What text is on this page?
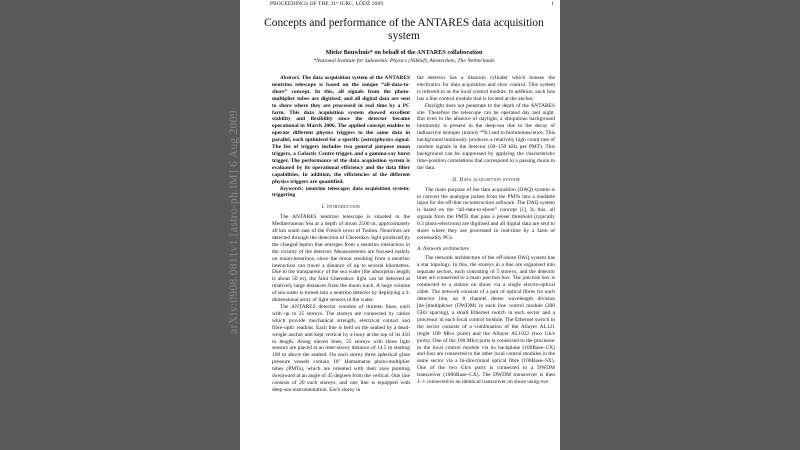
arXiv:0908.0811v1 [astro-ph.IM] 6 Aug 2009
PROCEEDINGS OF THE 31ˢᵗ ICRC, ŁÓDŹ 2009	1
Concepts and performance of the ANTARES data acquisition system
Mieke Bouwhuis* on behalf of the ANTARES collaboration
*National Institute for Subatomic Physics (Nikhef), Amsterdam, The Netherlands

Abstract. The data acquisition system of the ANTARES neutrino telescope is based on the unique “all-data-to-shore” concept. In this, all signals from the photo-multiplier tubes are digitised, and all digital data are sent to shore where they are processed in real time by a PC farm. This data acquisition system showed excellent stability and flexibility since the detector became operational in March 2006. The applied concept enables to operate different physics triggers to the same data in parallel, each optimised for a specific (astro)physics signal. The list of triggers includes two general purpose muon triggers, a Galactic Centre trigger, and a gamma-ray burst trigger. The performance of the data acquisition system is evaluated by its operational efficiency and the data filter capabilities. In addition, the efficiencies of the different physics triggers are quantified.

Keywords: neutrino telescope; data acquisition system; triggering

I. Introduction

The ANTARES neutrino telescope is situated in the Mediterranean Sea at a depth of about 2500 m, approximately 40 km south east of the French town of Toulon. Neutrinos are detected through the detection of Cherenkov light produced by the charged lepton that emerges from a neutrino interaction in the vicinity of the detector. Measurements are focused mainly on muon-neutrinos, since the muon resulting from a neutrino interaction can travel a distance of up to several kilometres. Due to the transparency of the sea water (the absorption length is about 50 m), the faint Cherenkov light can be detected at relatively large distances from the muon track. A large volume of sea water is turned into a neutrino detector by deploying a 3-dimensional array of light sensors in the water.

The ANTARES detector consists of thirteen lines, each with up to 25 storeys. The storeys are connected by cables which provide mechanical strength, electrical contact and fibre-optic readout. Each line is held on the seabed by a dead-weight anchor and kept vertical by a buoy at the top of its 450 m length. Along eleven lines, 25 storeys with three light sensors are placed at an inter-storey distance of 14.5 m starting 100 m above the seabed. On each storey three spherical glass pressure vessels contain 10″ Hamamatsu photo-multiplier tubes (PMTs), which are oriented with their axes pointing downward at an angle of 45 degrees from the vertical. One line consists of 20 such storeys, and one line is equipped with deep-sea instrumentation. Each storey in

the detector has a titanium cylinder which houses the electronics for data acquisition and slow control. This system is referred to as the local control module. In addition, each line has a line control module that is located at the anchor.

Daylight does not penetrate to the depth of the ANTARES site. Therefore the telescope can be operated day and night. But even in the absence of daylight, a ubiquitous background luminosity is present in the deep-sea due to the decay of radioactive isotopes (mainly ⁴⁰K) and to bioluminescence. This background luminosity produces a relatively high count rate of random signals in the detector (60–150 kHz per PMT). This background can be suppressed by applying the characteristic time-position correlations that correspond to a passing muon in the data.

II. Data acquisition system

The main purpose of the data acquisition (DAQ) system is to convert the analogue pulses from the PMTs into a readable input for the off-line reconstruction software. The DAQ system is based on the “all-data-to-shore” concept [1]. In this, all signals from the PMTs that pass a preset threshold (typically 0.3 photo-electrons) are digitised and all digital data are sent to shore where they are processed in real-time by a farm of commodity PCs.

A. Network architecture

The network architecture of the off-shore DAQ system has a star topology. In this, the storeys in a line are organised into separate sectors, each consisting of 5 storeys, and the detector lines are connected to a main junction box. The junction box is connected to a station on shore via a single electro-optical cable. The network consists of a pair of optical fibres for each detector line, an 8 channel dense wavelength division [de-]multiplexer (DWDM) in each line control module (200 GHz spacing), a small Ethernet switch in each sector and a processor in each local control module. The Ethernet switch in the sector consists of a combination of the Allayer AL121 (eight 100 Mb/s ports) and the Allayer AL1022 (two Gb/s ports). One of the 100 Mb/s ports is connected to the processor in the local control module via its backplane (100Base–CX) and four are connected to the other local control modules in the same sector via a bi-directional optical fibre (100Base–SX). One of the two Gb/s ports is connected to a DWDM transceiver (1000Base–CX). The DWDM transceiver is then 1–1 connected to an identical transceiver on shore using two
